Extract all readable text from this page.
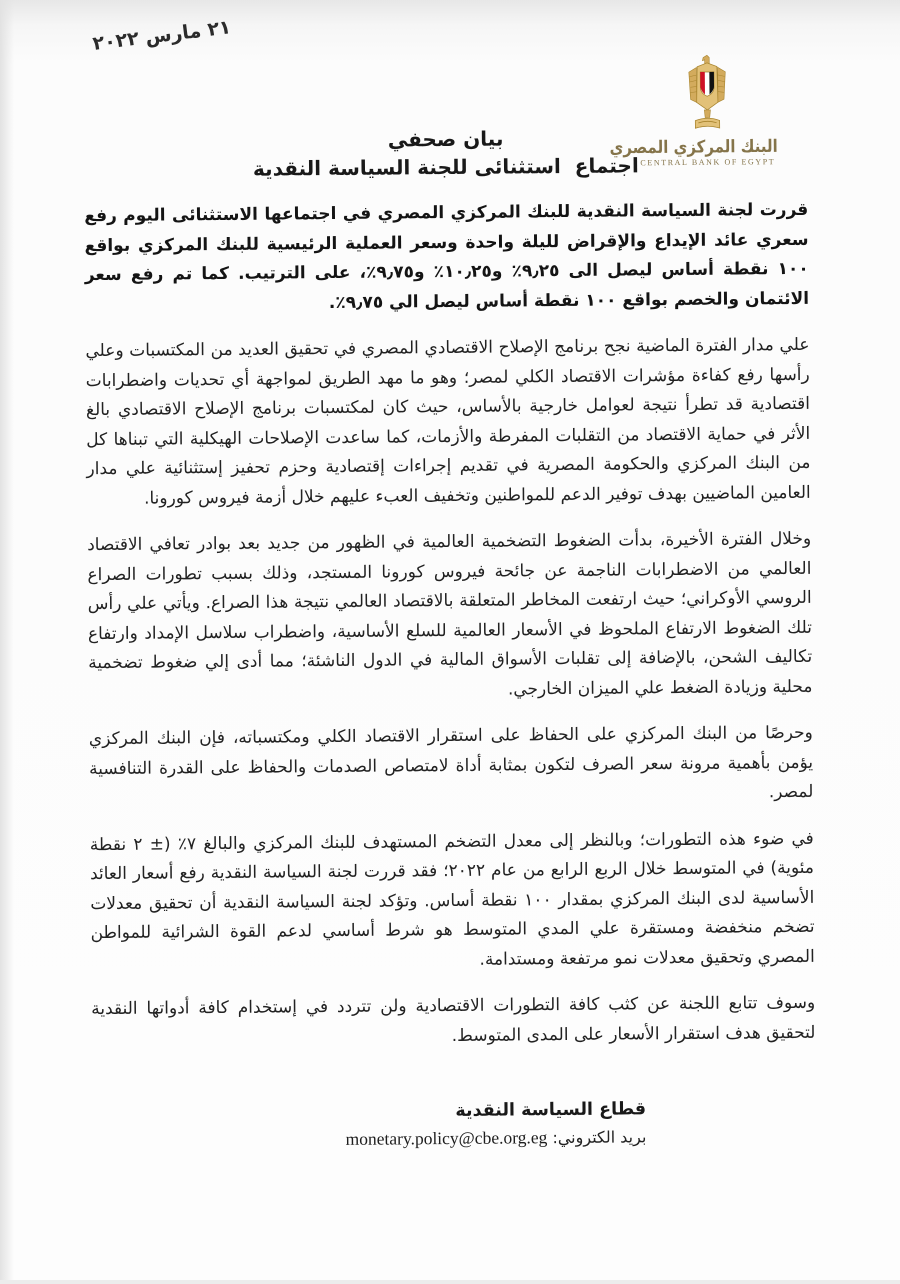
٢١ مارس ٢٠٢٢
البنك المركزي المصري
CENTRAL BANK OF EGYPT
بيان صحفي
اجتماع  استثنائى للجنة السياسة النقدية

قررت لجنة السياسة النقدية للبنك المركزي المصري في اجتماعها الاستثنائى اليوم رفع سعري عائد الإيداع والإقراض لليلة واحدة وسعر العملية الرئيسية للبنك المركزي بواقع ١٠٠ نقطة أساس ليصل الى ٩٫٢٥٪ و١٠٫٢٥٪ و٩٫٧٥٪، على الترتيب. كما تم رفع سعر الائتمان والخصم بواقع ١٠٠ نقطة أساس ليصل الي ٩٫٧٥٪.

علي مدار الفترة الماضية نجح برنامج الإصلاح الاقتصادي المصري في تحقيق العديد من المكتسبات وعلي رأسها رفع كفاءة مؤشرات الاقتصاد الكلي لمصر؛ وهو ما مهد الطريق لمواجهة أي تحديات واضطرابات اقتصادية قد تطرأ نتيجة لعوامل خارجية بالأساس، حيث كان لمكتسبات برنامج الإصلاح الاقتصادي بالغ الأثر في حماية الاقتصاد من التقلبات المفرطة والأزمات، كما ساعدت الإصلاحات الهيكلية التي تبناها كل من البنك المركزي والحكومة المصرية في تقديم إجراءات إقتصادية وحزم تحفيز إستثنائية علي مدار العامين الماضيين بهدف توفير الدعم للمواطنين وتخفيف العبء عليهم خلال أزمة فيروس كورونا.

وخلال الفترة الأخيرة، بدأت الضغوط التضخمية العالمية في الظهور من جديد بعد بوادر تعافي الاقتصاد العالمي من الاضطرابات الناجمة عن جائحة فيروس كورونا المستجد، وذلك بسبب تطورات الصراع الروسي الأوكراني؛ حيث ارتفعت المخاطر المتعلقة بالاقتصاد العالمي نتيجة هذا الصراع. ويأتي علي رأس تلك الضغوط الارتفاع الملحوظ في الأسعار العالمية للسلع الأساسية، واضطراب سلاسل الإمداد وارتفاع تكاليف الشحن، بالإضافة إلى تقلبات الأسواق المالية في الدول الناشئة؛ مما أدى إلي ضغوط تضخمية محلية وزيادة الضغط علي الميزان الخارجي.

وحرصًا من البنك المركزي على الحفاظ على استقرار الاقتصاد الكلي ومكتسباته، فإن البنك المركزي يؤمن بأهمية مرونة سعر الصرف لتكون بمثابة أداة لامتصاص الصدمات والحفاظ على القدرة التنافسية لمصر.

في ضوء هذه التطورات؛ وبالنظر إلى معدل التضخم المستهدف للبنك المركزي والبالغ ٧٪ (± ٢ نقطة مئوية) في المتوسط خلال الربع الرابع من عام ٢٠٢٢؛ فقد قررت لجنة السياسة النقدية رفع أسعار العائد الأساسية لدى البنك المركزي بمقدار ١٠٠ نقطة أساس. وتؤكد لجنة السياسة النقدية أن تحقيق معدلات تضخم منخفضة ومستقرة علي المدي المتوسط هو شرط أساسي لدعم القوة الشرائية للمواطن المصري وتحقيق معدلات نمو مرتفعة ومستدامة.

وسوف تتابع اللجنة عن كثب كافة التطورات الاقتصادية ولن تتردد في إستخدام كافة أدواتها النقدية لتحقيق هدف استقرار الأسعار على المدى المتوسط.

قطاع السياسة النقدية
بريد الكتروني: monetary.policy@cbe.org.eg
